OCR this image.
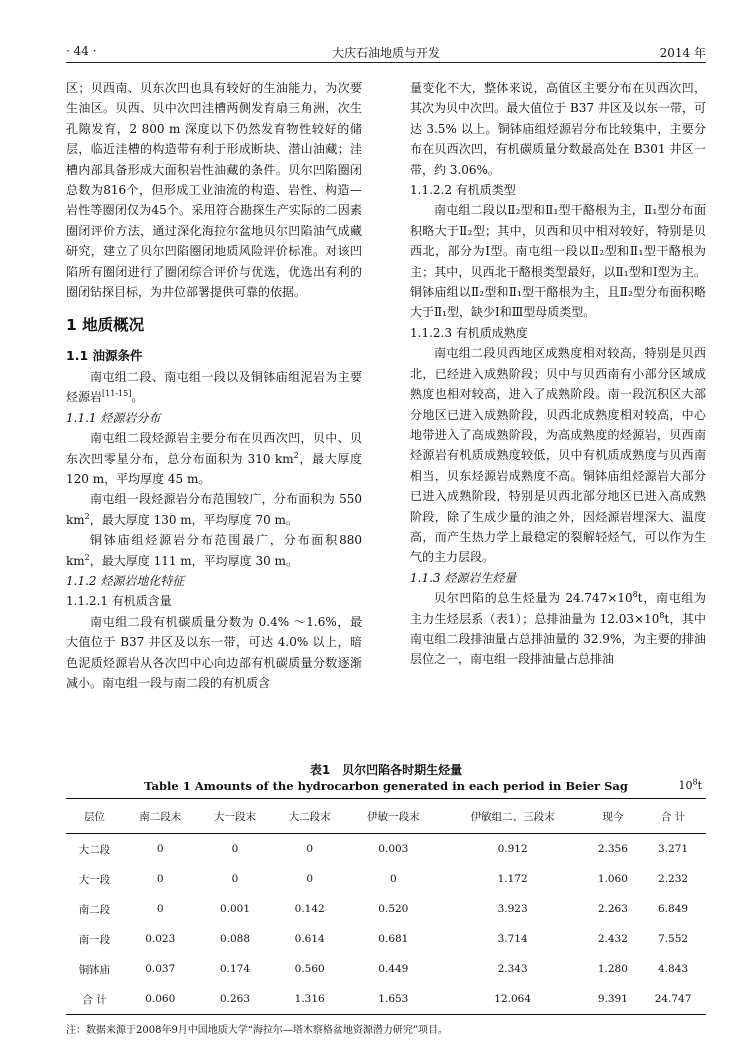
· 44 ·	大庆石油地质与开发	2014 年

区；贝西南、贝东次凹也具有较好的生油能力，为次要生油区。贝西、贝中次凹洼槽两侧发育扇三角洲，次生孔隙发育，2 800 m 深度以下仍然发育物性较好的储层，临近洼槽的构造带有利于形成断块、潜山油藏；洼槽内部具备形成大面积岩性油藏的条件。贝尔凹陷圈闭总数为816个，但形成工业油流的构造、岩性、构造—岩性等圈闭仅为45个。采用符合勘探生产实际的二因素圈闭评价方法，通过深化海拉尔盆地贝尔凹陷油气成藏研究，建立了贝尔凹陷圈闭地质风险评价标准。对该凹陷所有圈闭进行了圈闭综合评价与优选，优选出有利的圈闭钻探目标，为井位部署提供可靠的依据。

1 地质概况
1.1 油源条件

南屯组二段、南屯组一段以及铜钵庙组泥岩为主要烃源岩[11-15]。

1.1.1 烃源岩分布

南屯组二段烃源岩主要分布在贝西次凹，贝中、贝东次凹零星分布，总分布面积为 310 $km^2$，最大厚度 120 m，平均厚度 45 m。

南屯组一段烃源岩分布范围较广，分布面积为 550 $km^2$，最大厚度 130 m，平均厚度 70 m。

铜钵庙组烃源岩分布范围最广，分布面积880 $km^2$，最大厚度 111 m，平均厚度 30 m。

1.1.2 烃源岩地化特征
1.1.2.1 有机质含量

南屯组二段有机碳质量分数为 0.4% ～1.6%，最大值位于 B37 井区及以东一带，可达 4.0% 以上，暗色泥质烃源岩从各次凹中心向边部有机碳质量分数逐渐减小。南屯组一段与南二段的有机质含

量变化不大，整体来说，高值区主要分布在贝西次凹，其次为贝中次凹。最大值位于 B37 井区及以东一带，可达 3.5% 以上。铜钵庙组烃源岩分布比较集中，主要分布在贝西次凹，有机碳质量分数最高处在 B301 井区一带，约 3.06%。

1.1.2.2 有机质类型

南屯组二段以Ⅱ₂型和Ⅱ₁型干酪根为主，Ⅱ₁型分布面积略大于Ⅱ₂型；其中，贝西和贝中相对较好，特别是贝西北，部分为Ⅰ型。南屯组一段以Ⅱ₂型和Ⅱ₁型干酪根为主；其中，贝西北干酪根类型最好，以Ⅱ₁型和Ⅰ型为主。铜钵庙组以Ⅱ₂型和Ⅱ₁型干酪根为主，且Ⅱ₂型分布面积略大于Ⅱ₁型，缺少Ⅰ和Ⅲ型母质类型。

1.1.2.3 有机质成熟度

南屯组二段贝西地区成熟度相对较高，特别是贝西北，已经进入成熟阶段；贝中与贝西南有小部分区域成熟度也相对较高，进入了成熟阶段。南一段沉积区大部分地区已进入成熟阶段，贝西北成熟度相对较高，中心地带进入了高成熟阶段，为高成熟度的烃源岩，贝西南烃源岩有机质成熟度较低，贝中有机质成熟度与贝西南相当，贝东烃源岩成熟度不高。铜钵庙组烃源岩大部分已进入成熟阶段，特别是贝西北部分地区已进入高成熟阶段，除了生成少量的油之外，因烃源岩埋深大、温度高，而产生热力学上最稳定的裂解轻烃气，可以作为生气的主力层段。

1.1.3 烃源岩生烃量

贝尔凹陷的总生烃量为 $24.747\times 10^8t$，南屯组为主力生烃层系（表1）；总排油量为 $12.03\times 10^8t$，其中南屯组二段排油量占总排油量的 32.9%，为主要的排油层位之一，南屯组一段排油量占总排油

表1　贝尔凹陷各时期生烃量
Table 1 Amounts of the hydrocarbon generated in each period in Beier Sag	$10^8t$
层位	南二段末	大一段末	大二段末	伊敏一段末	伊敏组二、三段末	现今	合 计
大二段	0	0	0	0.003	0.912	2.356	3.271
大一段	0	0	0	0	1.172	1.060	2.232
南二段	0	0.001	0.142	0.520	3.923	2.263	6.849
南一段	0.023	0.088	0.614	0.681	3.714	2.432	7.552
铜钵庙	0.037	0.174	0.560	0.449	2.343	1.280	4.843
合 计	0.060	0.263	1.316	1.653	12.064	9.391	24.747
注：数据来源于2008年9月中国地质大学“海拉尔—塔木察格盆地资源潜力研究”项目。
